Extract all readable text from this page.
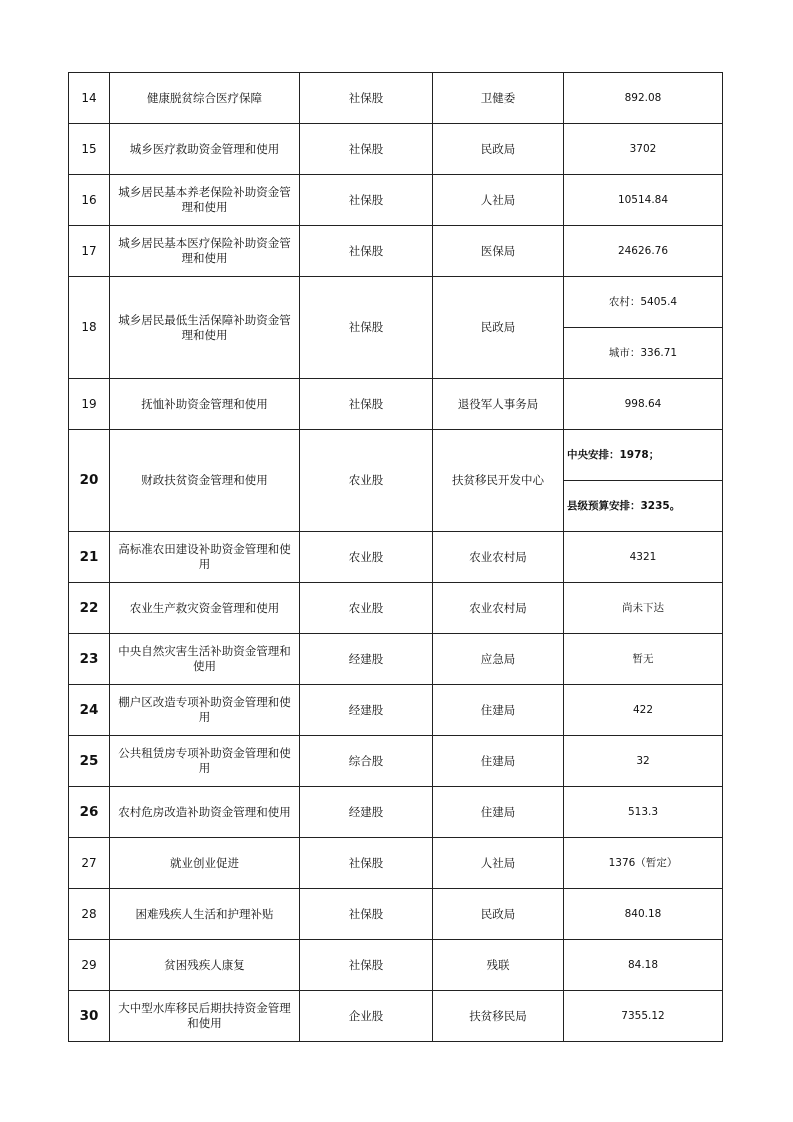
14	健康脱贫综合医疗保障	社保股	卫健委	892.08
15	城乡医疗救助资金管理和使用	社保股	民政局	3702
16	城乡居民基本养老保险补助资金管理和使用	社保股	人社局	10514.84
17	城乡居民基本医疗保险补助资金管理和使用	社保股	医保局	24626.76
18	城乡居民最低生活保障补助资金管理和使用	社保股	民政局	农村：5405.4
				城市：336.71
19	抚恤补助资金管理和使用	社保股	退役军人事务局	998.64
20	财政扶贫资金管理和使用	农业股	扶贫移民开发中心	中央安排：1978；
				县级预算安排：3235。
21	高标准农田建设补助资金管理和使用	农业股	农业农村局	4321
22	农业生产救灾资金管理和使用	农业股	农业农村局	尚未下达
23	中央自然灾害生活补助资金管理和使用	经建股	应急局	暂无
24	棚户区改造专项补助资金管理和使用	经建股	住建局	422
25	公共租赁房专项补助资金管理和使用	综合股	住建局	32
26	农村危房改造补助资金管理和使用	经建股	住建局	513.3
27	就业创业促进	社保股	人社局	1376（暂定）
28	困难残疾人生活和护理补贴	社保股	民政局	840.18
29	贫困残疾人康复	社保股	残联	84.18
30	大中型水库移民后期扶持资金管理和使用	企业股	扶贫移民局	7355.12
